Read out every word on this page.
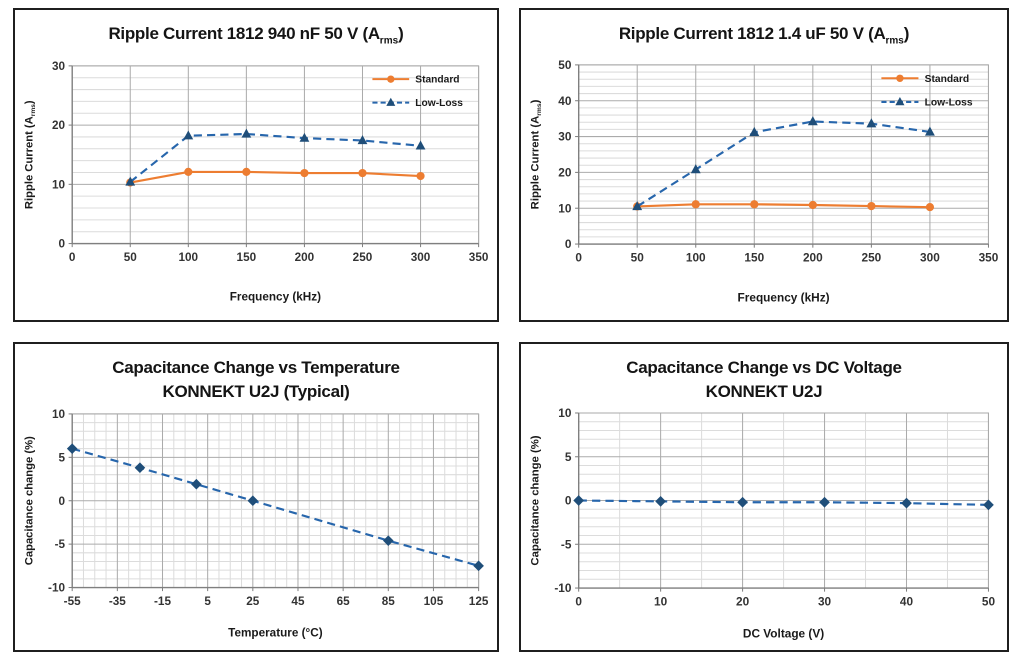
Ripple Current 1812 940 nF 50 V $(A_{rms})$
0	50	100	150	200	250	300	350
0
10
20
30
Frequency (kHz)
Ripple Current $(A_{rms})$
Standard
Low-Loss
Ripple Current 1812 1.4 uF 50 V $(A_{rms})$
0	50	100	150	200	250	300	350
0
10
20
30
40
50
Frequency (kHz)
Ripple Current $(A_{rms})$
Standard
Low-Loss
Capacitance Change vs Temperature
KONNEKT U2J (Typical)
-55 -35 -15	5	25	45	65	85	105 125
-10
-5
0
5
10
Temperature (°C)
Capacitance change (%)
Capacitance Change vs DC Voltage
KONNEKT U2J
0	10	20	30	40	50
-10
-5
0
5
10
DC Voltage (V)
Capacitance change (%)
